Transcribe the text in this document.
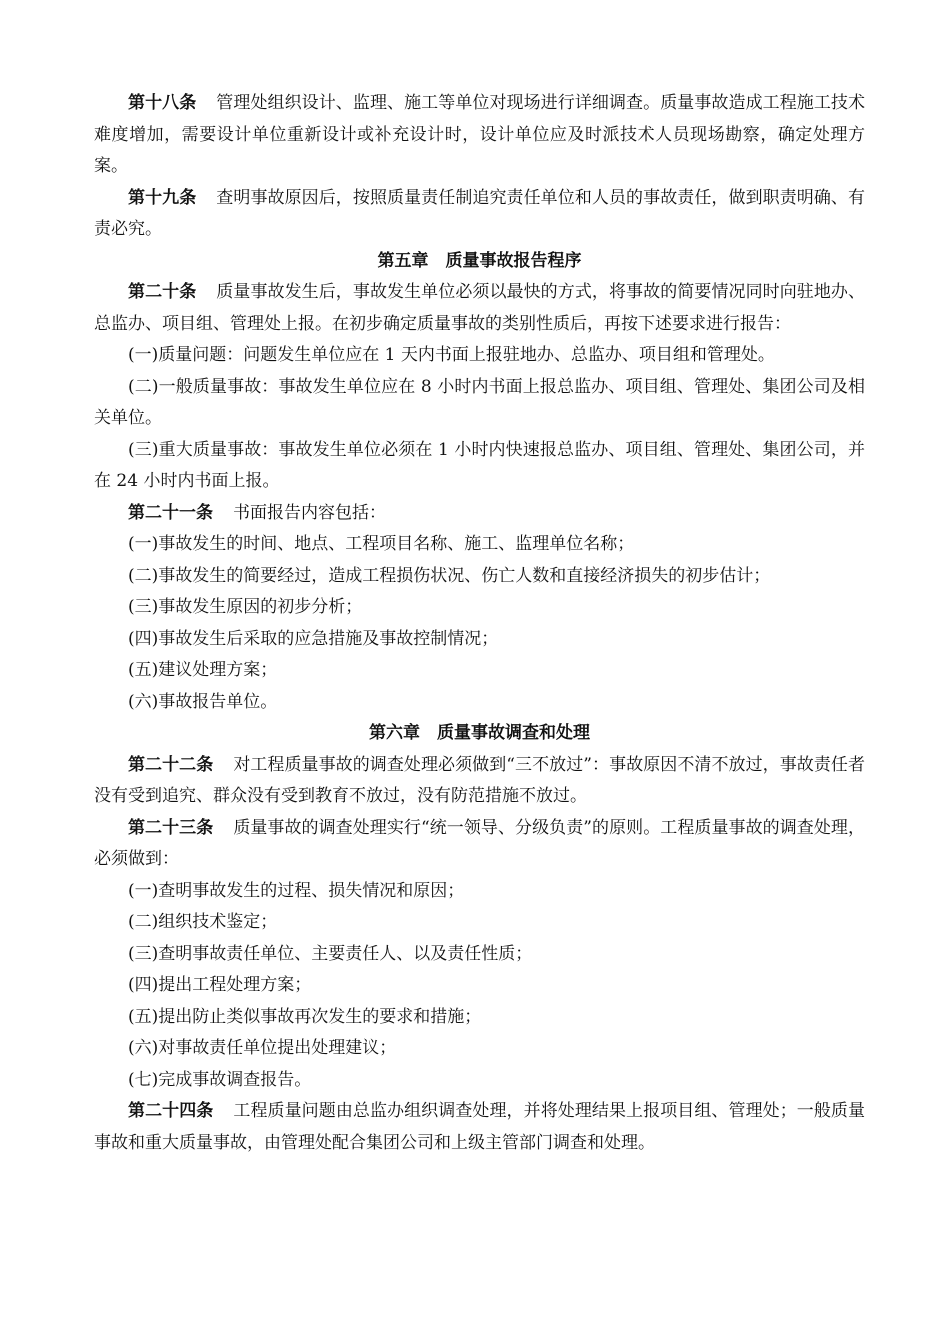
第十八条 管理处组织设计、监理、施工等单位对现场进行详细调查。质量事故造成工程施工技术难度增加，需要设计单位重新设计或补充设计时，设计单位应及时派技术人员现场勘察，确定处理方案。

第十九条 查明事故原因后，按照质量责任制追究责任单位和人员的事故责任，做到职责明确、有责必究。

第五章 质量事故报告程序

第二十条 质量事故发生后，事故发生单位必须以最快的方式，将事故的简要情况同时向驻地办、总监办、项目组、管理处上报。在初步确定质量事故的类别性质后，再按下述要求进行报告：

(一)质量问题：问题发生单位应在 1 天内书面上报驻地办、总监办、项目组和管理处。

(二)一般质量事故：事故发生单位应在 8 小时内书面上报总监办、项目组、管理处、集团公司及相关单位。

(三)重大质量事故：事故发生单位必须在 1 小时内快速报总监办、项目组、管理处、集团公司，并在 24 小时内书面上报。

第二十一条 书面报告内容包括：

(一)事故发生的时间、地点、工程项目名称、施工、监理单位名称；

(二)事故发生的简要经过，造成工程损伤状况、伤亡人数和直接经济损失的初步估计；

(三)事故发生原因的初步分析；

(四)事故发生后采取的应急措施及事故控制情况；

(五)建议处理方案；

(六)事故报告单位。

第六章 质量事故调查和处理

第二十二条 对工程质量事故的调查处理必须做到“三不放过”：事故原因不清不放过，事故责任者没有受到追究、群众没有受到教育不放过，没有防范措施不放过。

第二十三条 质量事故的调查处理实行“统一领导、分级负责”的原则。工程质量事故的调查处理，必须做到：

(一)查明事故发生的过程、损失情况和原因；

(二)组织技术鉴定；

(三)查明事故责任单位、主要责任人、以及责任性质；

(四)提出工程处理方案；

(五)提出防止类似事故再次发生的要求和措施；

(六)对事故责任单位提出处理建议；

(七)完成事故调查报告。

第二十四条 工程质量问题由总监办组织调查处理，并将处理结果上报项目组、管理处；一般质量事故和重大质量事故，由管理处配合集团公司和上级主管部门调查和处理。
